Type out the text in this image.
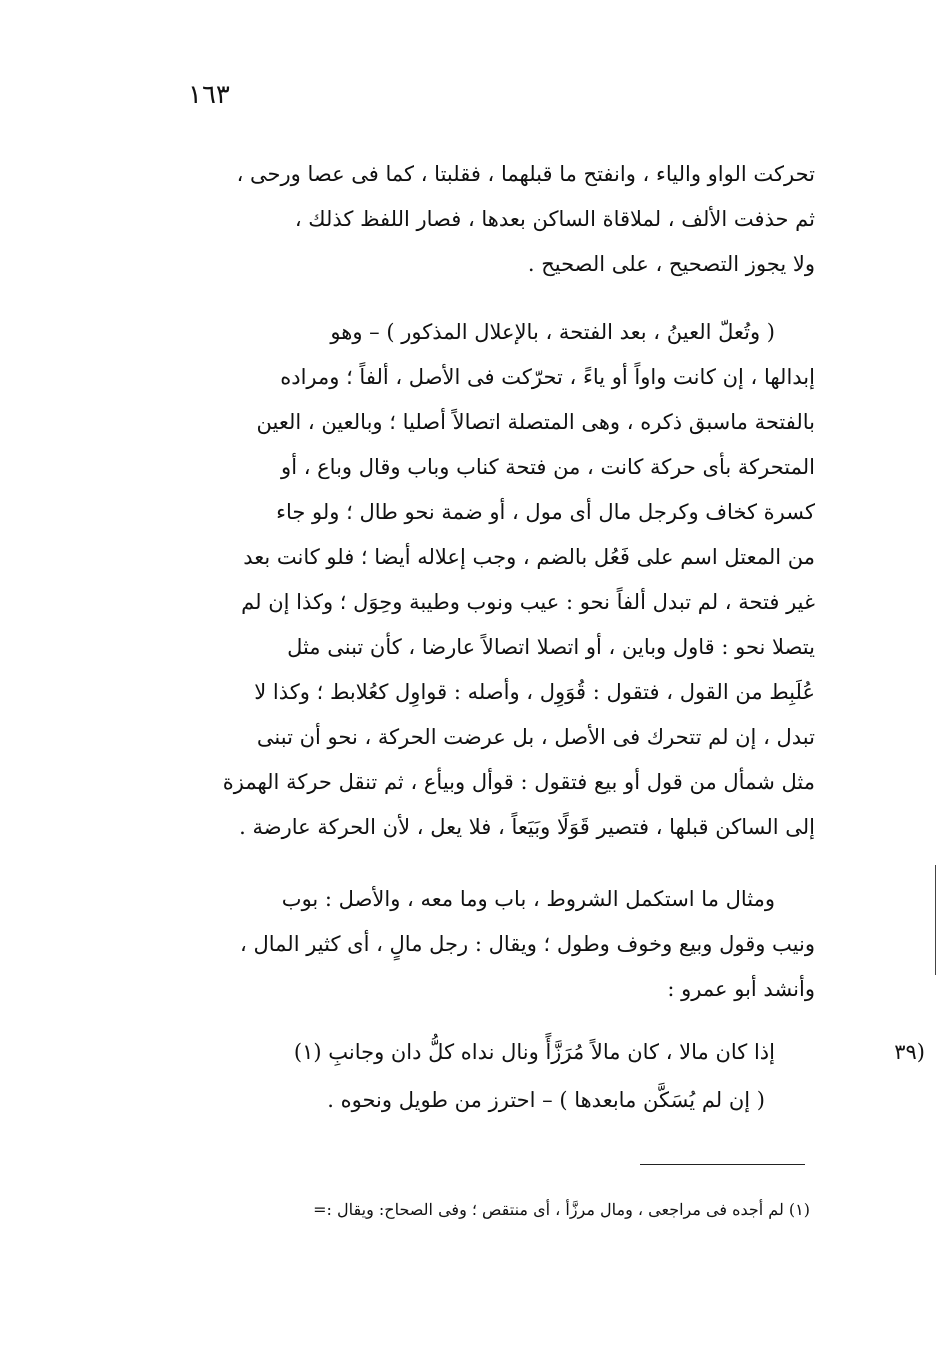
١٦٣
تحركت الواو والياء ، وانفتح ما قبلهما ، فقلبتا ، كما فى عصا ورحى ،
ثم حذفت الألف ، لملاقاة الساكن بعدها ، فصار اللفظ كذلك ،
ولا يجوز التصحيح ، على الصحيح .
( وتُعلّ العينُ ، بعد الفتحة ، بالإعلال المذكور ) – وهو
إبدالها ، إن كانت واواً أو ياءً ، تحرّكت فى الأصل ، ألفاً ؛ ومراده
بالفتحة ماسبق ذكره ، وهى المتصلة اتصالاً أصليا ؛ وبالعين ، العين
المتحركة بأى حركة كانت ، من فتحة كناب وباب وقال وباع ، أو
كسرة كخاف وكرجل مال أى مول ، أو ضمة نحو طال ؛ ولو جاء
من المعتل اسم على فَعُل بالضم ، وجب إعلاله أيضا ؛ فلو كانت بعد
غير فتحة ، لم تبدل ألفاً نحو : عيب ونوب وطيبة وحِوَل ؛ وكذا إن لم
يتصلا نحو : قاول وباين ، أو اتصلا اتصالاً عارضا ، كأن تبنى مثل
عُلَبِط من القول ، فتقول : قُوَوِل ، وأصله : قواوِل كعُلابط ؛ وكذا لا
تبدل ، إن لم تتحرك فى الأصل ، بل عرضت الحركة ، نحو أن تبنى
مثل شمأل من قول أو بيع فتقول : قوأل وبيأع ، ثم تنقل حركة الهمزة
إلى الساكن قبلها ، فتصير قَوَلًا وبَيَعاً ، فلا يعل ، لأن الحركة عارضة .
ومثال ما استكمل الشروط ، باب وما معه ، والأصل : بوب
ونيب وقول وبيع وخوف وطول ؛ ويقال : رجل مالٍ ، أى كثير المال ،
وأنشد أبو عمرو :
(٣٩
إذا كان مالا ، كان مالاً مُرَزَّأً ونال نداه كلُّ دان وجانبِ (١)
( إن لم يُسَكَّن مابعدها ) – احترز من طويل ونحوه .
(١) لم أجده فى مراجعى ، ومال مرزَّأ ، أى منتقص ؛ وفى الصحاح: ويقال :=
